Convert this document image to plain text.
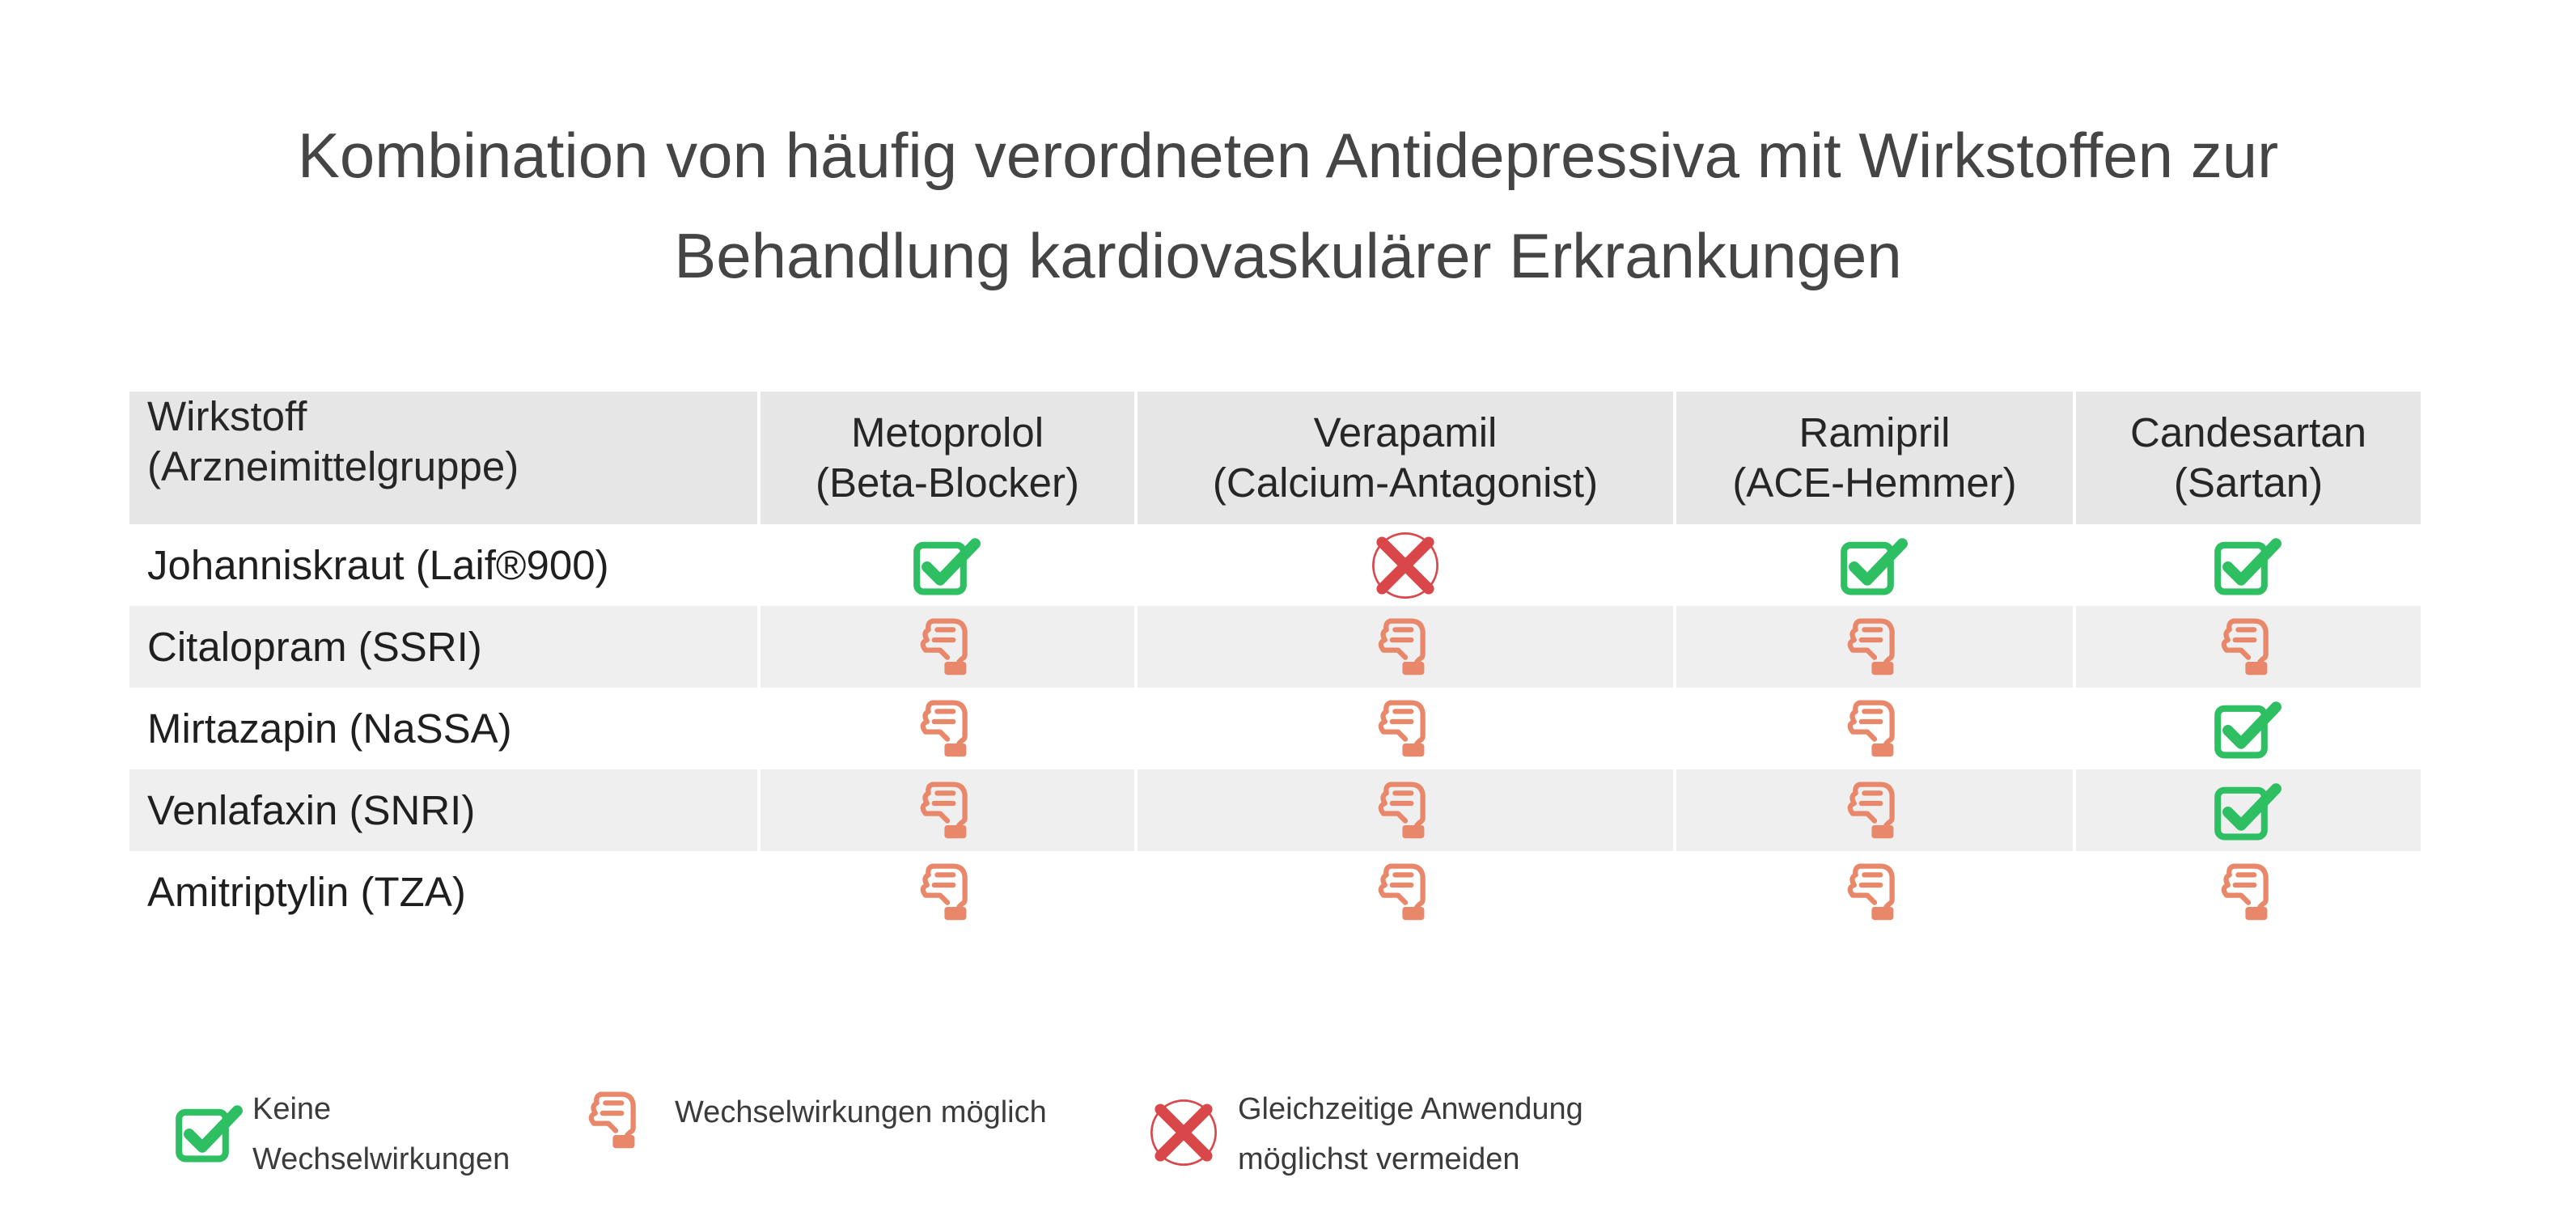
Kombination von häufig verordneten Antidepressiva mit Wirkstoffen zur
Behandlung kardiovaskulärer Erkrankungen
Wirkstoff
(Arzneimittelgruppe)
Metoprolol
(Beta-Blocker)
Verapamil
(Calcium-Antagonist)
Ramipril
(ACE-Hemmer)
Candesartan
(Sartan)
Johanniskraut (Laif®900)
Citalopram (SSRI)
Mirtazapin (NaSSA)
Venlafaxin (SNRI)
Amitriptylin (TZA)
Keine
Wechselwirkungen
Wechselwirkungen möglich	Gleichzeitige Anwendung
möglichst vermeiden
